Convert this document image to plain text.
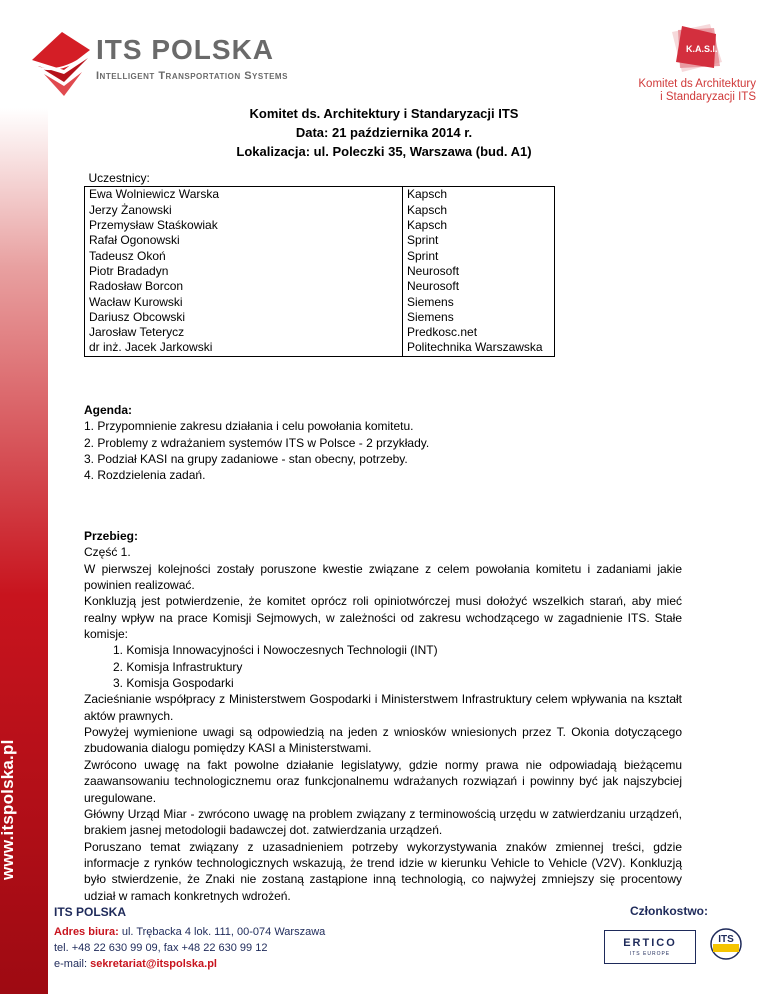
ITS POLSKA
Intelligent Transportation Systems
K.A.S.I.
Komitet ds Architektury
i Standaryzacji ITS
Komitet ds. Architektury i Standaryzacji ITS
Data: 21 października 2014 r.
Lokalizacja: ul. Poleczki 35, Warszawa (bud. A1)
Uczestnicy:	
Ewa Wolniewicz Warska	Kapsch
Jerzy Żanowski	Kapsch
Przemysław Staśkowiak	Kapsch
Rafał Ogonowski	Sprint
Tadeusz Okoń	Sprint
Piotr Bradadyn	Neurosoft
Radosław Borcon	Neurosoft
Wacław Kurowski	Siemens
Dariusz Obcowski	Siemens
Jarosław Teterycz	Predkosc.net
dr inż. Jacek Jarkowski	Politechnika Warszawska
Agenda:
1. Przypomnienie zakresu działania i celu powołania komitetu.
2. Problemy z wdrażaniem systemów ITS w Polsce - 2 przykłady.
3. Podział KASI na grupy zadaniowe - stan obecny, potrzeby.
4. Rozdzielenia zadań.
Przebieg:
Część 1.
W pierwszej kolejności zostały poruszone kwestie związane z celem powołania komitetu i zadaniami jakie powinien realizować.
Konkluzją jest potwierdzenie, że komitet oprócz roli opiniotwórczej musi dołożyć wszelkich starań, aby mieć realny wpływ na prace Komisji Sejmowych, w zależności od zakresu wchodzącego w zagadnienie ITS. Stałe komisje:
1. Komisja Innowacyjności i Nowoczesnych Technologii (INT)
2. Komisja Infrastruktury
3. Komisja Gospodarki
Zacieśnianie współpracy z Ministerstwem Gospodarki i Ministerstwem Infrastruktury celem wpływania na kształt aktów prawnych.
Powyżej wymienione uwagi są odpowiedzią na jeden z wniosków wniesionych przez T. Okonia dotyczącego zbudowania dialogu pomiędzy KASI a Ministerstwami.
Zwrócono uwagę na fakt powolne działanie legislatywy, gdzie normy prawa nie odpowiadają bieżącemu zaawansowaniu technologicznemu oraz funkcjonalnemu wdrażanych rozwiązań i powinny być jak najszybciej uregulowane.
Główny Urząd Miar - zwrócono uwagę na problem związany z terminowością urzędu w zatwierdzaniu urządzeń, brakiem jasnej metodologii badawczej dot. zatwierdzania urządzeń.
Poruszano temat związany z uzasadnieniem potrzeby wykorzystywania znaków zmiennej treści, gdzie informacje z rynków technologicznych wskazują, że trend idzie w kierunku Vehicle to Vehicle (V2V). Konkluzją było stwierdzenie, że Znaki nie zostaną zastąpione inną technologią, co najwyżej zmniejszy się procentowy udział w ramach konkretnych wdrożeń.
ITS POLSKA
Adres biura: ul. Trębacka 4 lok. 111, 00-074 Warszawa
tel. +48 22 630 99 09, fax +48 22 630 99 12
e-mail: sekretariat@itspolska.pl
Członkostwo:
ERTICO
ITS EUROPE
ITS
